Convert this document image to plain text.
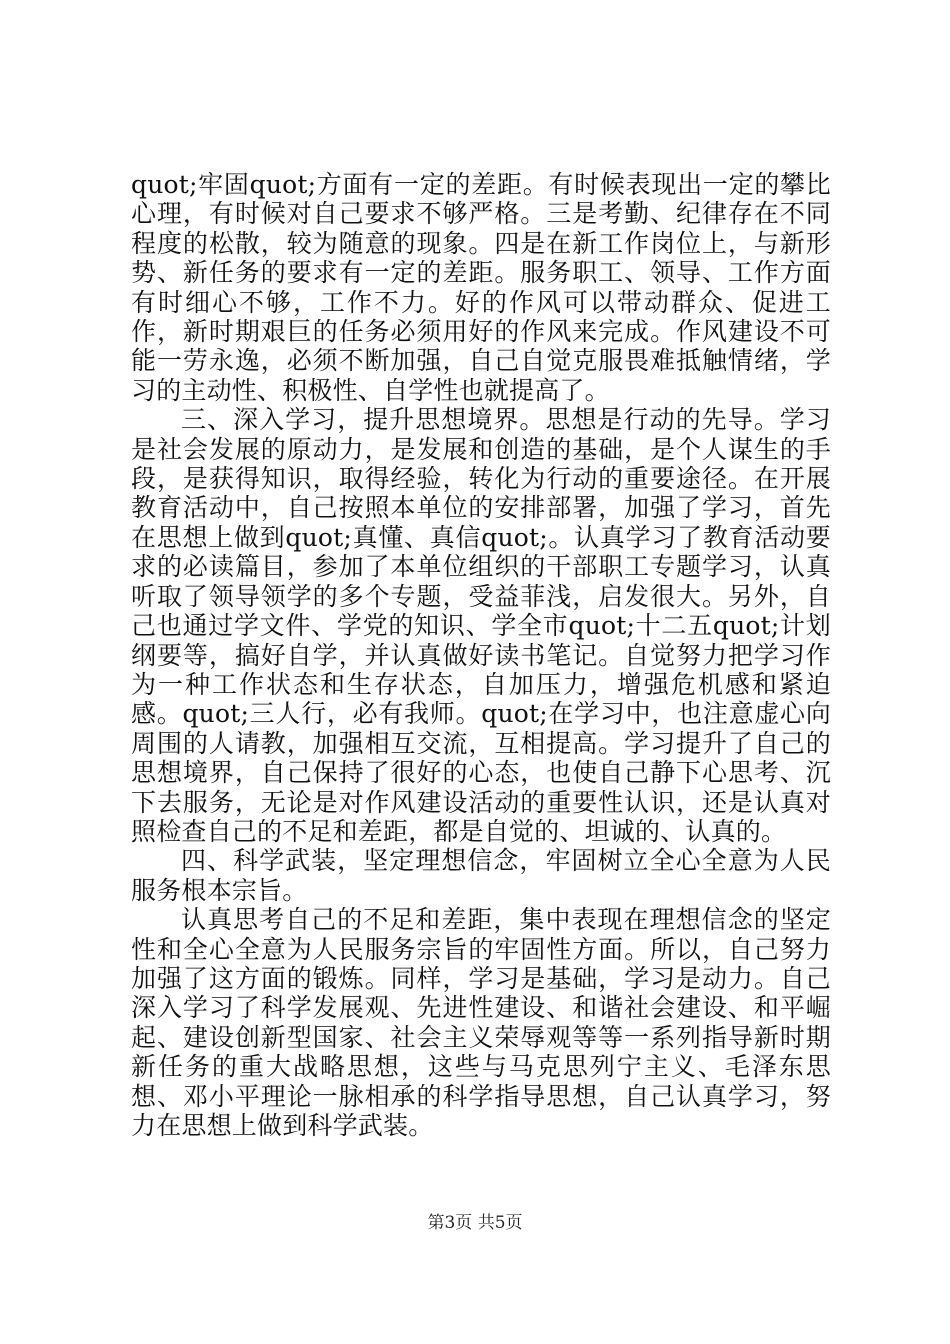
quot;牢固quot;方面有一定的差距。有时候表现出一定的攀比心理，有时候对自己要求不够严格。三是考勤、纪律存在不同程度的松散，较为随意的现象。四是在新工作岗位上，与新形势、新任务的要求有一定的差距。服务职工、领导、工作方面有时细心不够，工作不力。好的作风可以带动群众、促进工作，新时期艰巨的任务必须用好的作风来完成。作风建设不可能一劳永逸，必须不断加强，自己自觉克服畏难抵触情绪，学习的主动性、积极性、自学性也就提高了。

三、深入学习，提升思想境界。思想是行动的先导。学习是社会发展的原动力，是发展和创造的基础，是个人谋生的手段，是获得知识，取得经验，转化为行动的重要途径。在开展教育活动中，自己按照本单位的安排部署，加强了学习，首先在思想上做到quot;真懂、真信quot;。认真学习了教育活动要求的必读篇目，参加了本单位组织的干部职工专题学习，认真听取了领导领学的多个专题，受益菲浅，启发很大。另外，自己也通过学文件、学党的知识、学全市quot;十二五quot;计划纲要等，搞好自学，并认真做好读书笔记。自觉努力把学习作为一种工作状态和生存状态，自加压力，增强危机感和紧迫感。quot;三人行，必有我师。quot;在学习中，也注意虚心向周围的人请教，加强相互交流，互相提高。学习提升了自己的思想境界，自己保持了很好的心态，也使自己静下心思考、沉下去服务，无论是对作风建设活动的重要性认识，还是认真对照检查自己的不足和差距，都是自觉的、坦诚的、认真的。

四、科学武装，坚定理想信念，牢固树立全心全意为人民服务根本宗旨。

认真思考自己的不足和差距，集中表现在理想信念的坚定性和全心全意为人民服务宗旨的牢固性方面。所以，自己努力加强了这方面的锻炼。同样，学习是基础，学习是动力。自己深入学习了科学发展观、先进性建设、和谐社会建设、和平崛起、建设创新型国家、社会主义荣辱观等等一系列指导新时期新任务的重大战略思想，这些与马克思列宁主义、毛泽东思想、邓小平理论一脉相承的科学指导思想，自己认真学习，努力在思想上做到科学武装。

第3页 共5页
